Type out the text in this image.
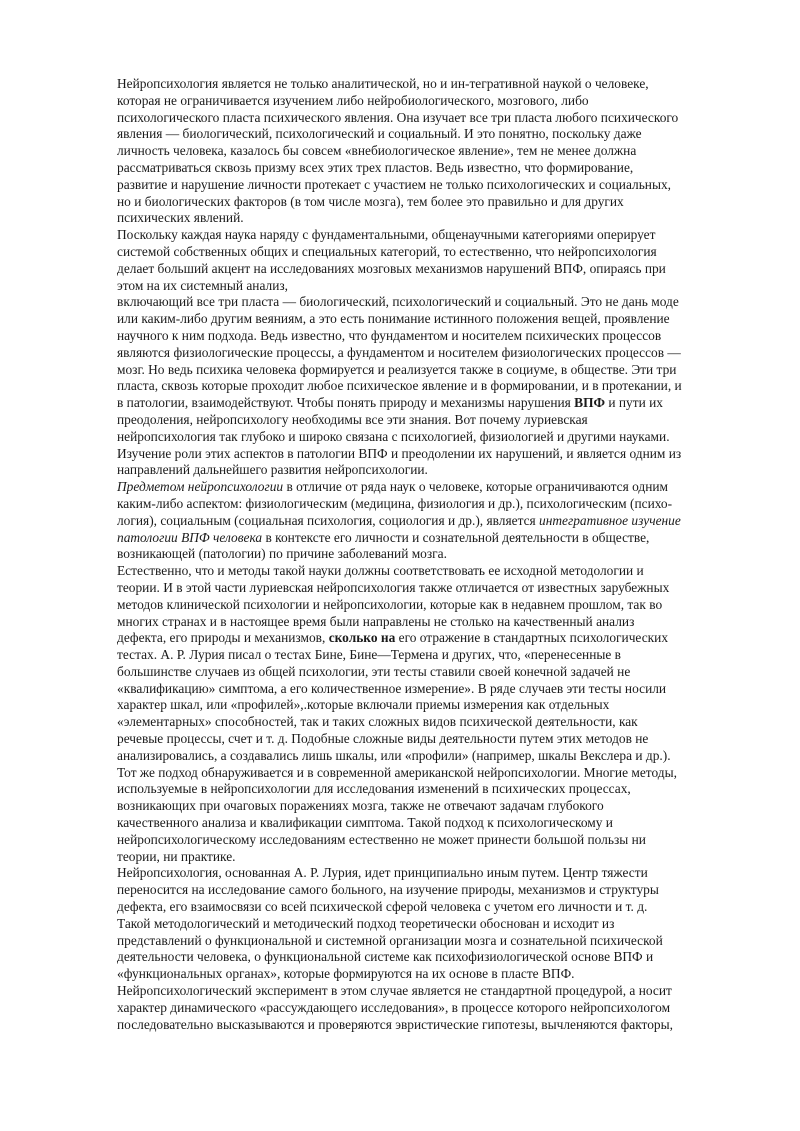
Нейропсихология является не только аналитической, но и ин-тегративной наукой о человеке,
которая не ограничивается изучением либо нейробиологического, мозгового, либо
психологического пласта психического явления. Она изучает все три пласта любого психического
явления — биологический, психологический и социальный. И это понятно, поскольку даже
личность человека, казалось бы совсем «внебиологическое явление», тем не менее должна
рассматриваться сквозь призму всех этих трех пластов. Ведь известно, что формирование,
развитие и нарушение личности протекает с участием не только психологических и социальных,
но и биологических факторов (в том числе мозга), тем более это правильно и для других
психических явлений.
Поскольку каждая наука наряду с фундаментальными, общенаучными категориями оперирует
системой собственных общих и специальных категорий, то естественно, что нейропсихология
делает больший акцент на исследованиях мозговых механизмов нарушений ВПФ, опираясь при
этом на их системный анализ,
включающий все три пласта — биологический, психологический и социальный. Это не дань моде
или каким-либо другим веяниям, а это есть понимание истинного положения вещей, проявление
научного к ним подхода. Ведь известно, что фундаментом и носителем психических процессов
являются физиологические процессы, а фундаментом и носителем физиологических процессов —
мозг. Но ведь психика человека формируется и реализуется также в социуме, в обществе. Эти три
пласта, сквозь которые проходит любое психическое явление и в формировании, и в протекании, и
в патологии, взаимодействуют. Чтобы понять природу и механизмы нарушения ВПФ и пути их
преодоления, нейропсихологу необходимы все эти знания. Вот почему луриевская
нейропсихология так глубоко и широко связана с психологией, физиологией и другими науками.
Изучение роли этих аспектов в патологии ВПФ и преодолении их нарушений, и является одним из
направлений дальнейшего развития нейропсихологии.
Предметом нейропсихологии в отличие от ряда наук о человеке, которые ограничиваются одним
каким-либо аспектом: физиологическим (медицина, физиология и др.), психологическим (психо-
логия), социальным (социальная психология, социология и др.), является интегративное изучение
патологии ВПФ человека в контексте его личности и сознательной деятельности в обществе,
возникающей (патологии) по причине заболеваний мозга.
Естественно, что и методы такой науки должны соответствовать ее исходной методологии и
теории. И в этой части луриевская нейропсихология также отличается от известных зарубежных
методов клинической психологии и нейропсихологии, которые как в недавнем прошлом, так во
многих странах и в настоящее время были направлены не столько на качественный анализ
дефекта, его природы и механизмов, сколько на его отражение в стандартных психологических
тестах. А. Р. Лурия писал о тестах Бине, Бине—Термена и других, что, «перенесенные в
большинстве случаев из общей психологии, эти тесты ставили своей конечной задачей не
«квалификацию» симптома, а его количественное измерение». В ряде случаев эти тесты носили
характер шкал, или «профилей»,.которые включали приемы измерения как отдельных
«элементарных» способностей, так и таких сложных видов психической деятельности, как
речевые процессы, счет и т. д. Подобные сложные виды деятельности путем этих методов не
анализировались, а создавались лишь шкалы, или «профили» (например, шкалы Векслера и др.).
Тот же подход обнаруживается и в современной американской нейропсихологии. Многие методы,
используемые в нейропсихологии для исследования изменений в психических процессах,
возникающих при очаговых поражениях мозга, также не отвечают задачам глубокого
качественного анализа и квалификации симптома. Такой подход к психологическому и
нейропсихологическому исследованиям естественно не может принести большой пользы ни
теории, ни практике.
Нейропсихология, основанная А. Р. Лурия, идет принципиально иным путем. Центр тяжести
переносится на исследование самого больного, на изучение природы, механизмов и структуры
дефекта, его взаимосвязи со всей психической сферой человека с учетом его личности и т. д.
Такой методологический и методический подход теоретически обоснован и исходит из
представлений о функциональной и системной организации мозга и сознательной психической
деятельности человека, о функциональной системе как психофизиологической основе ВПФ и
«функциональных органах», которые формируются на их основе в пласте ВПФ.
Нейропсихологический эксперимент в этом случае является не стандартной процедурой, а носит
характер динамического «рассуждающего исследования», в процессе которого нейропсихологом
последовательно высказываются и проверяются эвристические гипотезы, вычленяются факторы,
